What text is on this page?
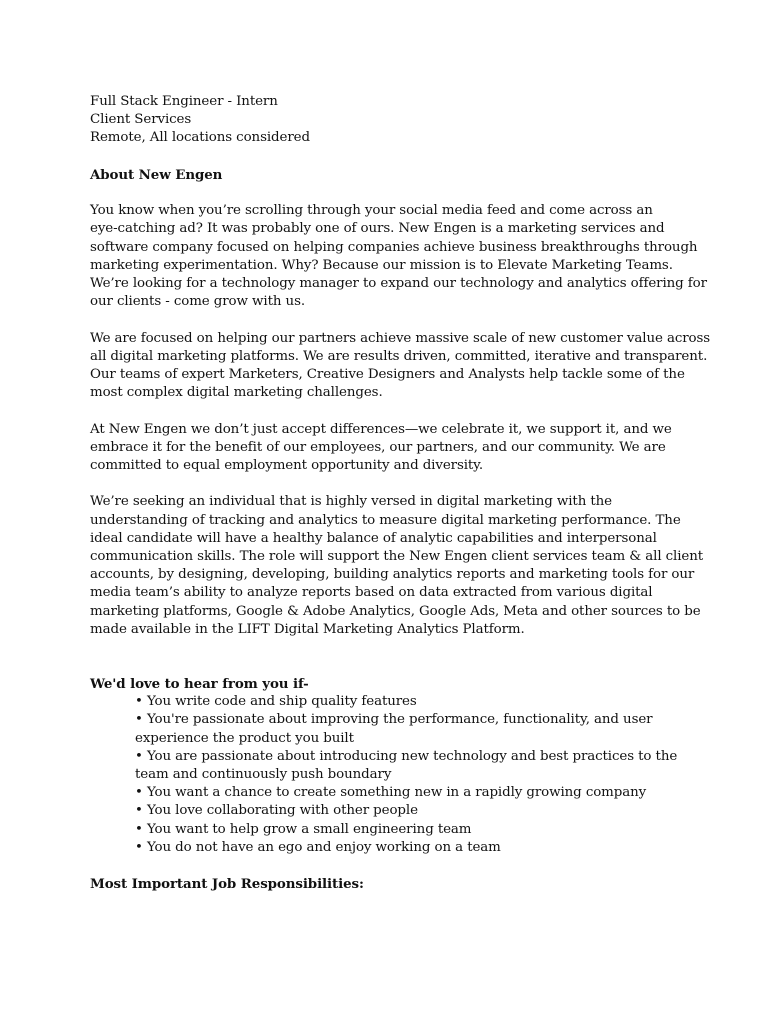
Full Stack Engineer - Intern
Client Services
Remote, All locations considered
About New Engen

You know when you’re scrolling through your social media feed and come across an
eye-catching ad? It was probably one of ours. New Engen is a marketing services and
software company focused on helping companies achieve business breakthroughs through
marketing experimentation. Why? Because our mission is to Elevate Marketing Teams.
We’re looking for a technology manager to expand our technology and analytics offering for
our clients - come grow with us.

We are focused on helping our partners achieve massive scale of new customer value across
all digital marketing platforms. We are results driven, committed, iterative and transparent.
Our teams of expert Marketers, Creative Designers and Analysts help tackle some of the
most complex digital marketing challenges.

At New Engen we don’t just accept differences—we celebrate it, we support it, and we
embrace it for the benefit of our employees, our partners, and our community. We are
committed to equal employment opportunity and diversity.

We’re seeking an individual that is highly versed in digital marketing with the
understanding of tracking and analytics to measure digital marketing performance. The
ideal candidate will have a healthy balance of analytic capabilities and interpersonal
communication skills. The role will support the New Engen client services team & all client
accounts, by designing, developing, building analytics reports and marketing tools for our
media team’s ability to analyze reports based on data extracted from various digital
marketing platforms, Google & Adobe Analytics, Google Ads, Meta and other sources to be
made available in the LIFT Digital Marketing Analytics Platform.

We'd love to hear from you if-
• You write code and ship quality features
• You're passionate about improving the performance, functionality, and user
experience the product you built
• You are passionate about introducing new technology and best practices to the
team and continuously push boundary
• You want a chance to create something new in a rapidly growing company
• You love collaborating with other people
• You want to help grow a small engineering team
• You do not have an ego and enjoy working on a team
Most Important Job Responsibilities:
